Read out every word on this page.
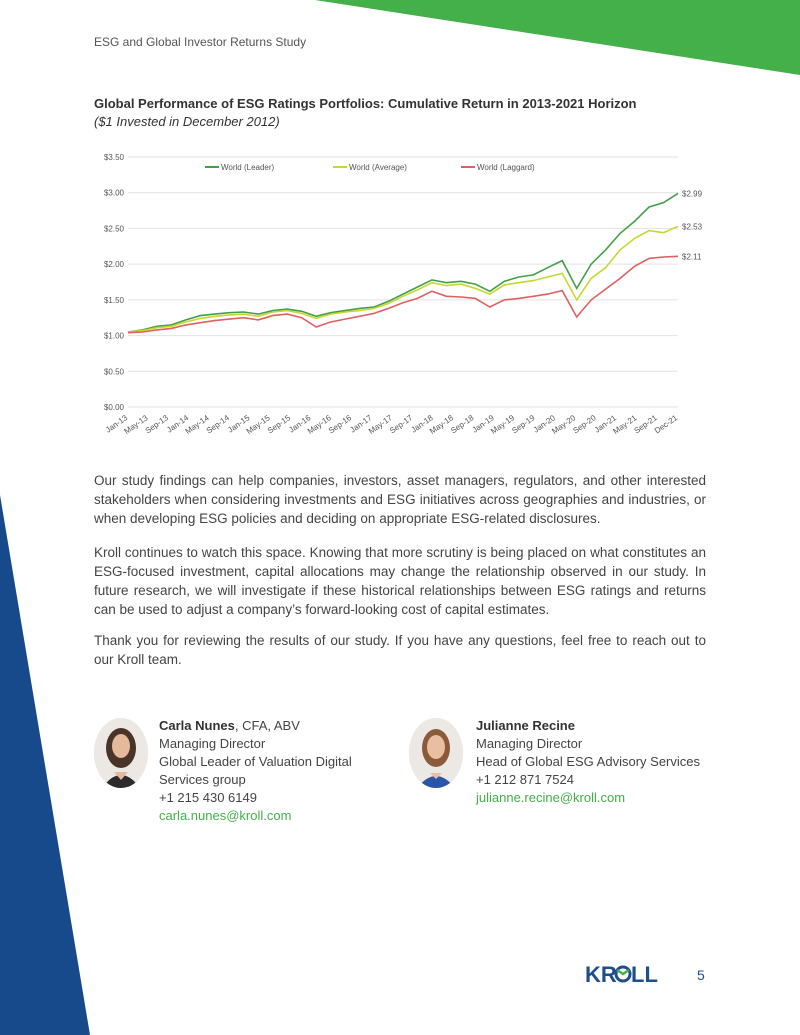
ESG and Global Investor Returns Study
Global Performance of ESG Ratings Portfolios: Cumulative Return in 2013-2021 Horizon
($1 Invested in December 2012)
$0.00
$0.50
$1.00
$1.50
$2.00
$2.50
$3.00
$3.50
Jan-13
May-13
Sep-13
Jan-14
May-14
Sep-14
Jan-15
May-15
Sep-15
Jan-16
May-16
Sep-16
Jan-17
May-17
Sep-17
Jan-18
May-18
Sep-18
Jan-19
May-19
Sep-19
Jan-20
May-20
Sep-20
Jan-21
May-21
Sep-21
Dec-21
$2.99
World (Leader)
$2.53
World (Average)
$2.11
World (Laggard)

Our study findings can help companies, investors, asset managers, regulators, and other interested stakeholders when considering investments and ESG initiatives across geographies and industries, or when developing ESG policies and deciding on appropriate ESG-related disclosures.

Kroll continues to watch this space. Knowing that more scrutiny is being placed on what constitutes an ESG-focused investment, capital allocations may change the relationship observed in our study. In future research, we will investigate if these historical relationships between ESG ratings and returns can be used to adjust a company’s forward-looking cost of capital estimates.

Thank you for reviewing the results of our study. If you have any questions, feel free to reach out to our Kroll team.

Carla Nunes, CFA, ABV
Managing Director
Global Leader of Valuation Digital
Services group
+1 215 430 6149
carla.nunes@kroll.com
Julianne Recine
Managing Director
Head of Global ESG Advisory Services
+1 212 871 7524
julianne.recine@kroll.com
KR LL	5
